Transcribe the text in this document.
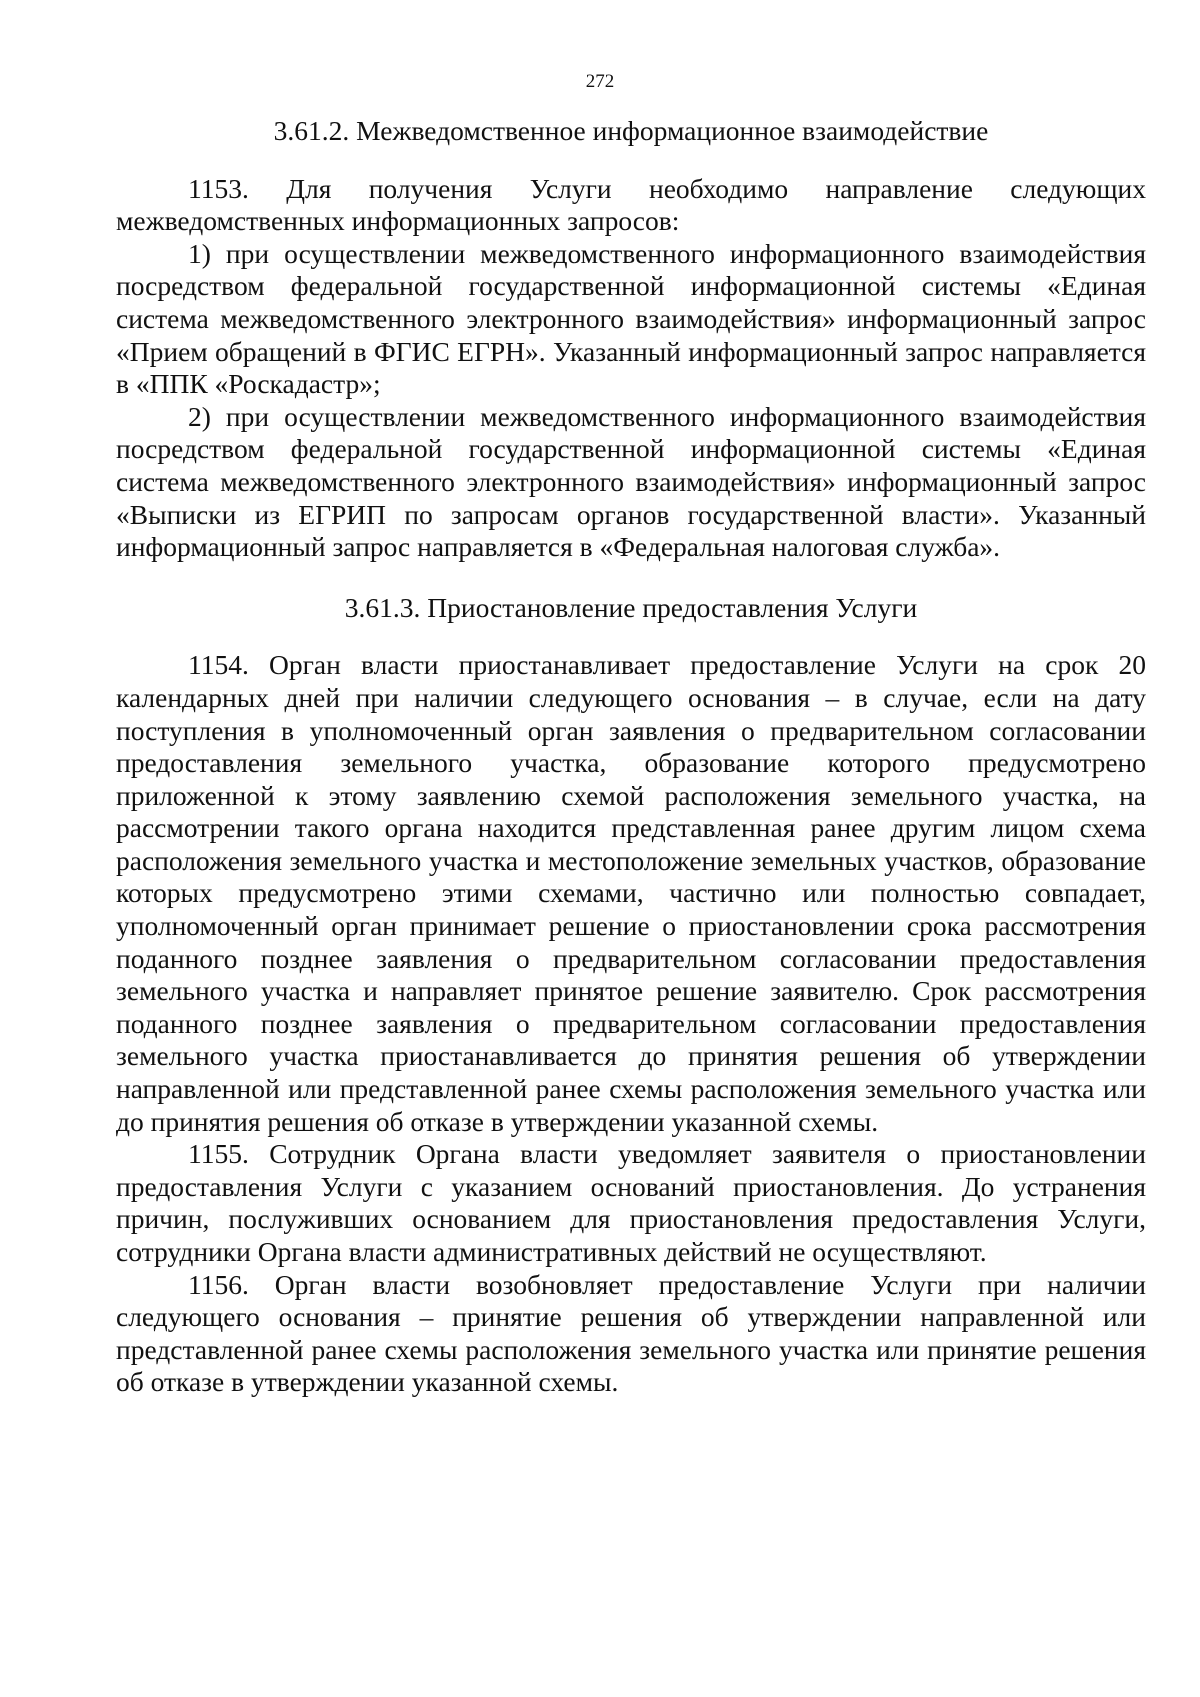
272
3.61.2. Межведомственное информационное взаимодействие

1153. Для получения Услуги необходимо направление следующих межведомственных информационных запросов:

1) при осуществлении межведомственного информационного взаимодействия посредством федеральной государственной информационной системы «Единая система межведомственного электронного взаимодействия» информационный запрос «Прием обращений в ФГИС ЕГРН». Указанный информационный запрос направляется в «ППК «Роскадастр»;

2) при осуществлении межведомственного информационного взаимодействия посредством федеральной государственной информационной системы «Единая система межведомственного электронного взаимодействия» информационный запрос «Выписки из ЕГРИП по запросам органов государственной власти». Указанный информационный запрос направляется в «Федеральная налоговая служба».

3.61.3. Приостановление предоставления Услуги

1154. Орган власти приостанавливает предоставление Услуги на срок 20 календарных дней при наличии следующего основания – в случае, если на дату поступления в уполномоченный орган заявления о предварительном согласовании предоставления земельного участка, образование которого предусмотрено приложенной к этому заявлению схемой расположения земельного участка, на рассмотрении такого органа находится представленная ранее другим лицом схема расположения земельного участка и местоположение земельных участков, образование которых предусмотрено этими схемами, частично или полностью совпадает, уполномоченный орган принимает решение о приостановлении срока рассмотрения поданного позднее заявления о предварительном согласовании предоставления земельного участка и направляет принятое решение заявителю. Срок рассмотрения поданного позднее заявления о предварительном согласовании предоставления земельного участка приостанавливается до принятия решения об утверждении направленной или представленной ранее схемы расположения земельного участка или до принятия решения об отказе в утверждении указанной схемы.

1155. Сотрудник Органа власти уведомляет заявителя о приостановлении предоставления Услуги с указанием оснований приостановления. До устранения причин, послуживших основанием для приостановления предоставления Услуги, сотрудники Органа власти административных действий не осуществляют.

1156. Орган власти возобновляет предоставление Услуги при наличии следующего основания – принятие решения об утверждении направленной или представленной ранее схемы расположения земельного участка или принятие решения об отказе в утверждении указанной схемы.
